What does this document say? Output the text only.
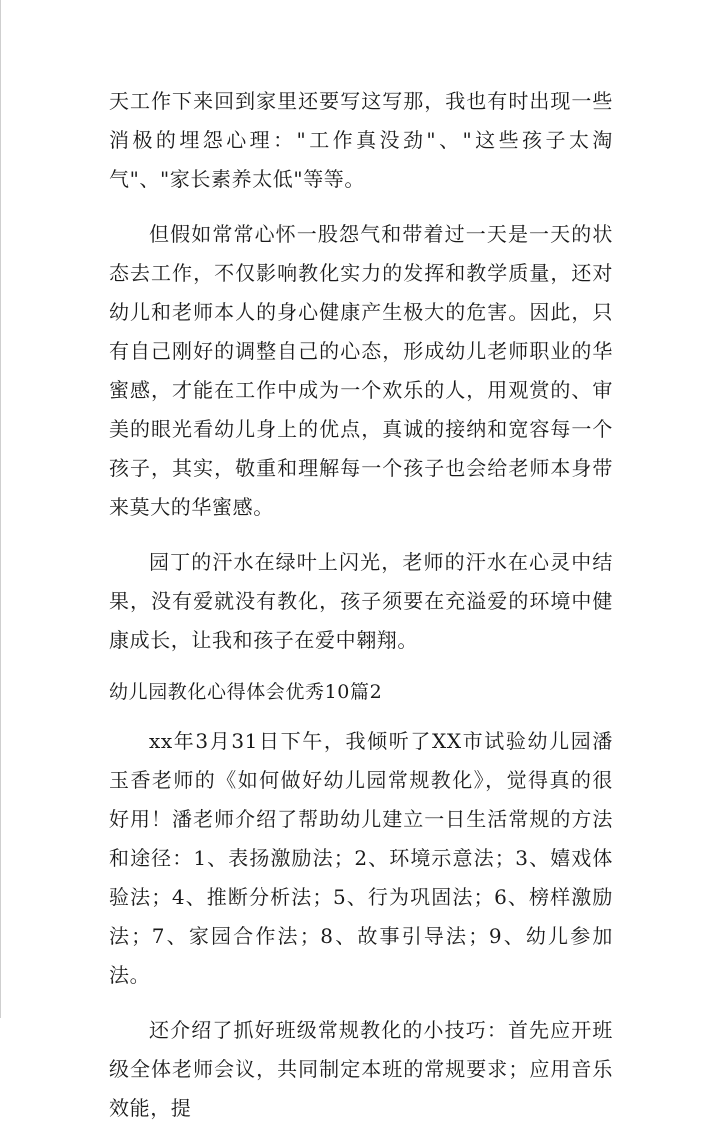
天工作下来回到家里还要写这写那，我也有时出现一些消极的埋怨心理："工作真没劲"、"这些孩子太淘气"、"家长素养太低"等等。

但假如常常心怀一股怨气和带着过一天是一天的状态去工作，不仅影响教化实力的发挥和教学质量，还对幼儿和老师本人的身心健康产生极大的危害。因此，只有自己刚好的调整自己的心态，形成幼儿老师职业的华蜜感，才能在工作中成为一个欢乐的人，用观赏的、审美的眼光看幼儿身上的优点，真诚的接纳和宽容每一个孩子，其实，敬重和理解每一个孩子也会给老师本身带来莫大的华蜜感。

园丁的汗水在绿叶上闪光，老师的汗水在心灵中结果，没有爱就没有教化，孩子须要在充溢爱的环境中健康成长，让我和孩子在爱中翱翔。

幼儿园教化心得体会优秀10篇2

xx年3月31日下午，我倾听了XX市试验幼儿园潘玉香老师的《如何做好幼儿园常规教化》，觉得真的很好用！潘老师介绍了帮助幼儿建立一日生活常规的方法和途径：1、表扬激励法；2、环境示意法；3、嬉戏体验法；4、推断分析法；5、行为巩固法；6、榜样激励法；7、家园合作法；8、故事引导法；9、幼儿参加法。

还介绍了抓好班级常规教化的小技巧：首先应开班级全体老师会议，共同制定本班的常规要求；应用音乐效能，提
